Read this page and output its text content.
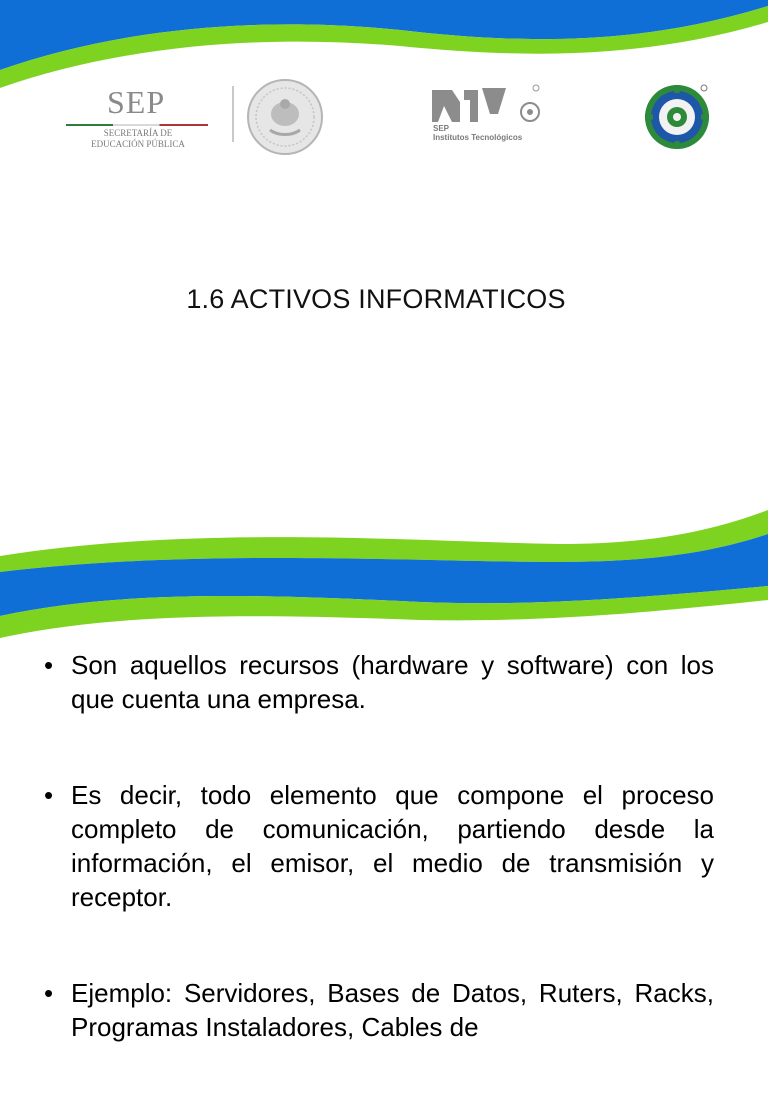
SEP
SECRETARÍA DE
EDUCACIÓN PÚBLICA
SEP
Institutos Tecnológicos
1.6 ACTIVOS INFORMATICOS
• Son aquellos recursos (hardware y software) con los que cuenta una empresa.
• Es decir, todo elemento que compone el proceso completo de comunicación, partiendo desde la información, el emisor, el medio de transmisión y receptor.
• Ejemplo: Servidores, Bases de Datos, Ruters, Racks, Programas Instaladores, Cables de
